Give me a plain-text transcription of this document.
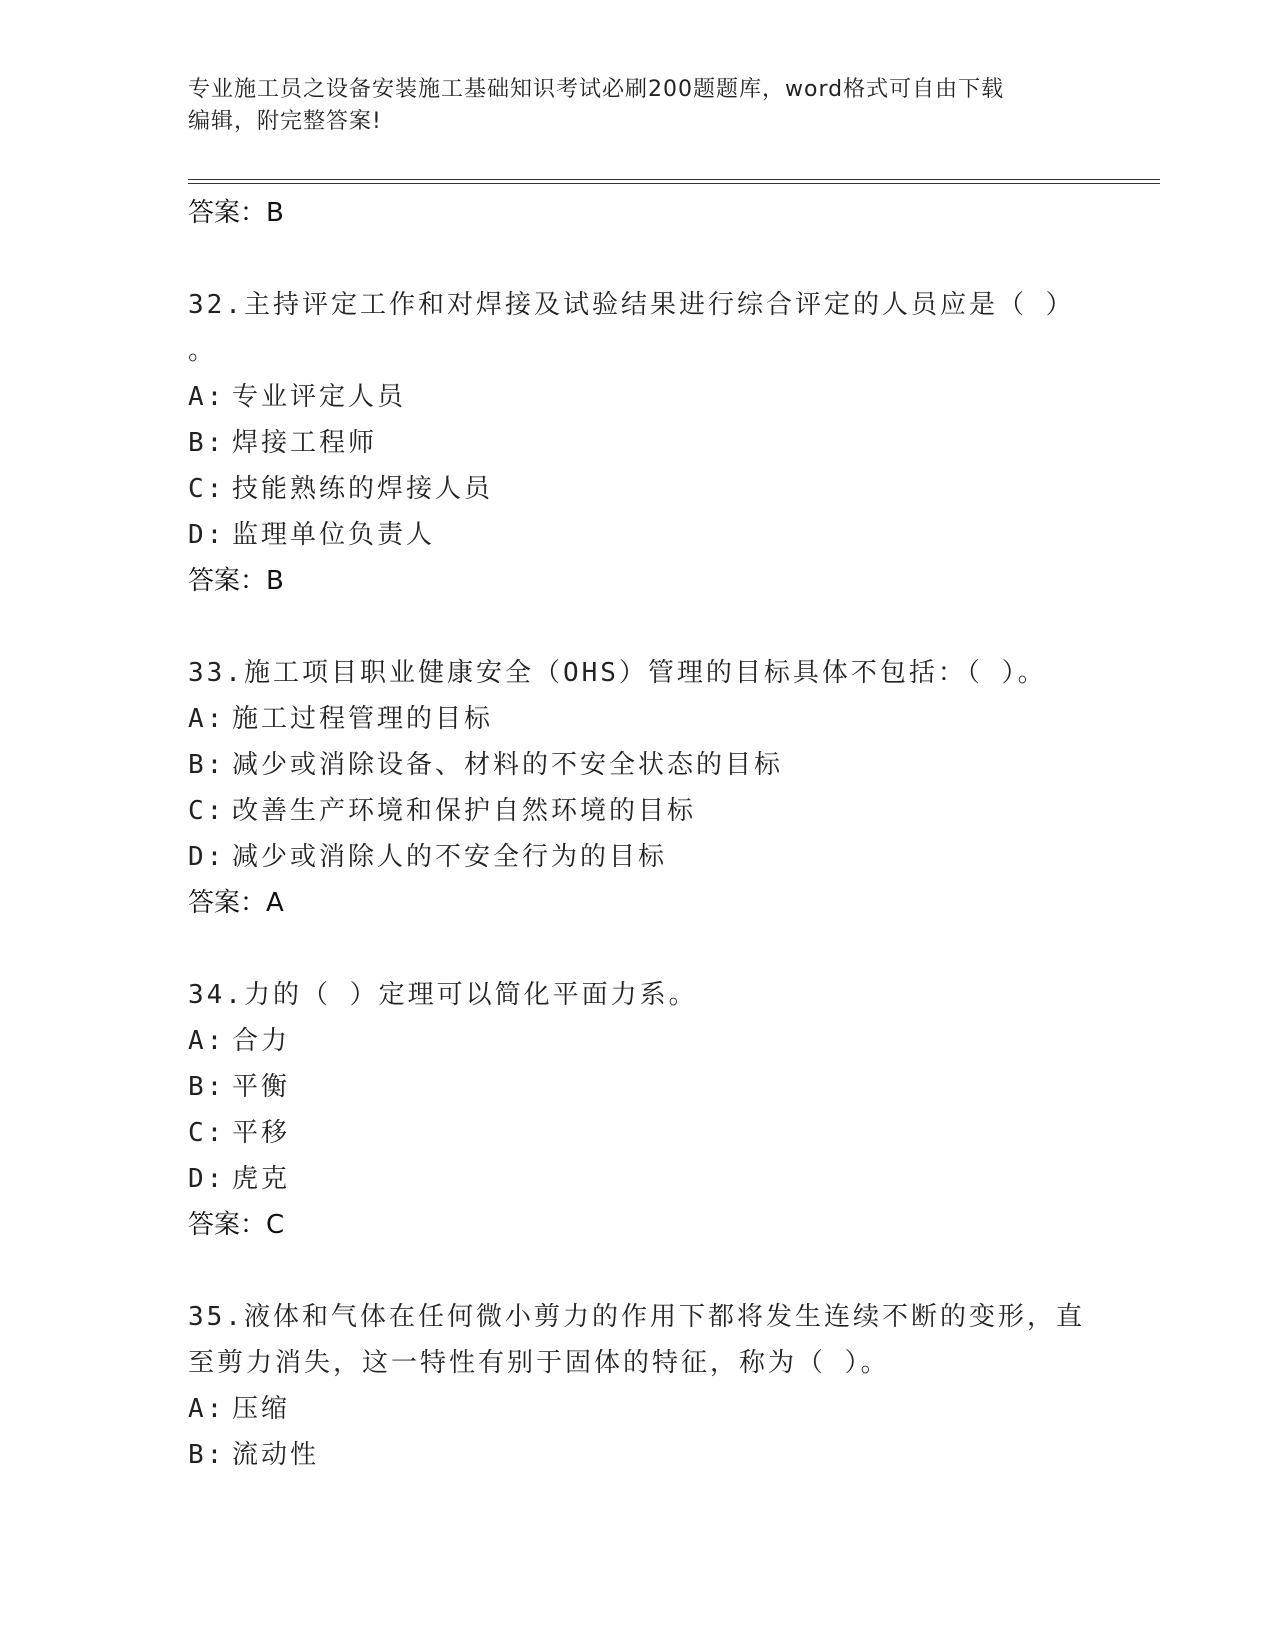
专业施工员之设备安装施工基础知识考试必刷200题题库，word格式可自由下载
编辑，附完整答案!
答案：B
32.主持评定工作和对焊接及试验结果进行综合评定的人员应是（ ）
。
A: 专业评定人员
B: 焊接工程师
C: 技能熟练的焊接人员
D: 监理单位负责人
答案：B
33.施工项目职业健康安全（OHS）管理的目标具体不包括：（ ）。
A: 施工过程管理的目标
B: 减少或消除设备、材料的不安全状态的目标
C: 改善生产环境和保护自然环境的目标
D: 减少或消除人的不安全行为的目标
答案：A
34.力的（ ）定理可以简化平面力系。
A: 合力
B: 平衡
C: 平移
D: 虎克
答案：C
35.液体和气体在任何微小剪力的作用下都将发生连续不断的变形，直
至剪力消失，这一特性有别于固体的特征，称为（ ）。
A: 压缩
B: 流动性
